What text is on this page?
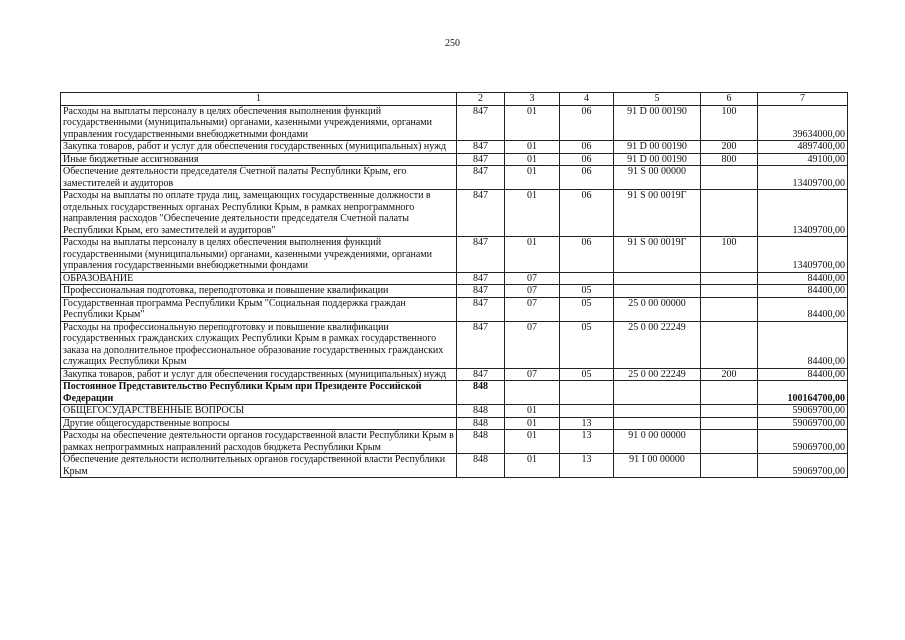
250
1	2	3	4	5	6	7
Расходы на выплаты персоналу в целях обеспечения выполнения функций государственными (муниципальными) органами, казенными учреждениями, органами управления государственными внебюджетными фондами	847	01	06	91 D 00 00190	100	39634000,00
Закупка товаров, работ и услуг для обеспечения государственных (муниципальных) нужд	847	01	06	91 D 00 00190	200	4897400,00
Иные бюджетные ассигнования	847	01	06	91 D 00 00190	800	49100,00
Обеспечение деятельности председателя Счетной палаты Республики Крым, его заместителей и аудиторов	847	01	06	91 S 00 00000		13409700,00
Расходы на выплаты по оплате труда лиц, замещающих государственные должности в отдельных государственных органах Республики Крым, в рамках непрограммного направления расходов "Обеспечение деятельности председателя Счетной палаты Республики Крым, его заместителей и аудиторов"	847	01	06	91 S 00 0019Г		13409700,00
Расходы на выплаты персоналу в целях обеспечения выполнения функций государственными (муниципальными) органами, казенными учреждениями, органами управления государственными внебюджетными фондами	847	01	06	91 S 00 0019Г	100	13409700,00
ОБРАЗОВАНИЕ	847	07				84400,00
Профессиональная подготовка, переподготовка и повышение квалификации	847	07	05			84400,00
Государственная программа Республики Крым "Социальная поддержка граждан Республики Крым"	847	07	05	25 0 00 00000		84400,00
Расходы на профессиональную переподготовку и повышение квалификации государственных гражданских служащих Республики Крым в рамках государственного заказа на дополнительное профессиональное образование государственных гражданских служащих Республики Крым	847	07	05	25 0 00 22249		84400,00
Закупка товаров, работ и услуг для обеспечения государственных (муниципальных) нужд	847	07	05	25 0 00 22249	200	84400,00
Постоянное Представительство Республики Крым при Президенте Российской Федерации	848					100164700,00
ОБЩЕГОСУДАРСТВЕННЫЕ ВОПРОСЫ	848	01				59069700,00
Другие общегосударственные вопросы	848	01	13			59069700,00
Расходы на обеспечение деятельности органов государственной власти Республики Крым в рамках непрограммных направлений расходов бюджета Республики Крым	848	01	13	91 0 00 00000		59069700,00
Обеспечение деятельности исполнительных органов государственной власти Республики Крым	848	01	13	91 I 00 00000		59069700,00
